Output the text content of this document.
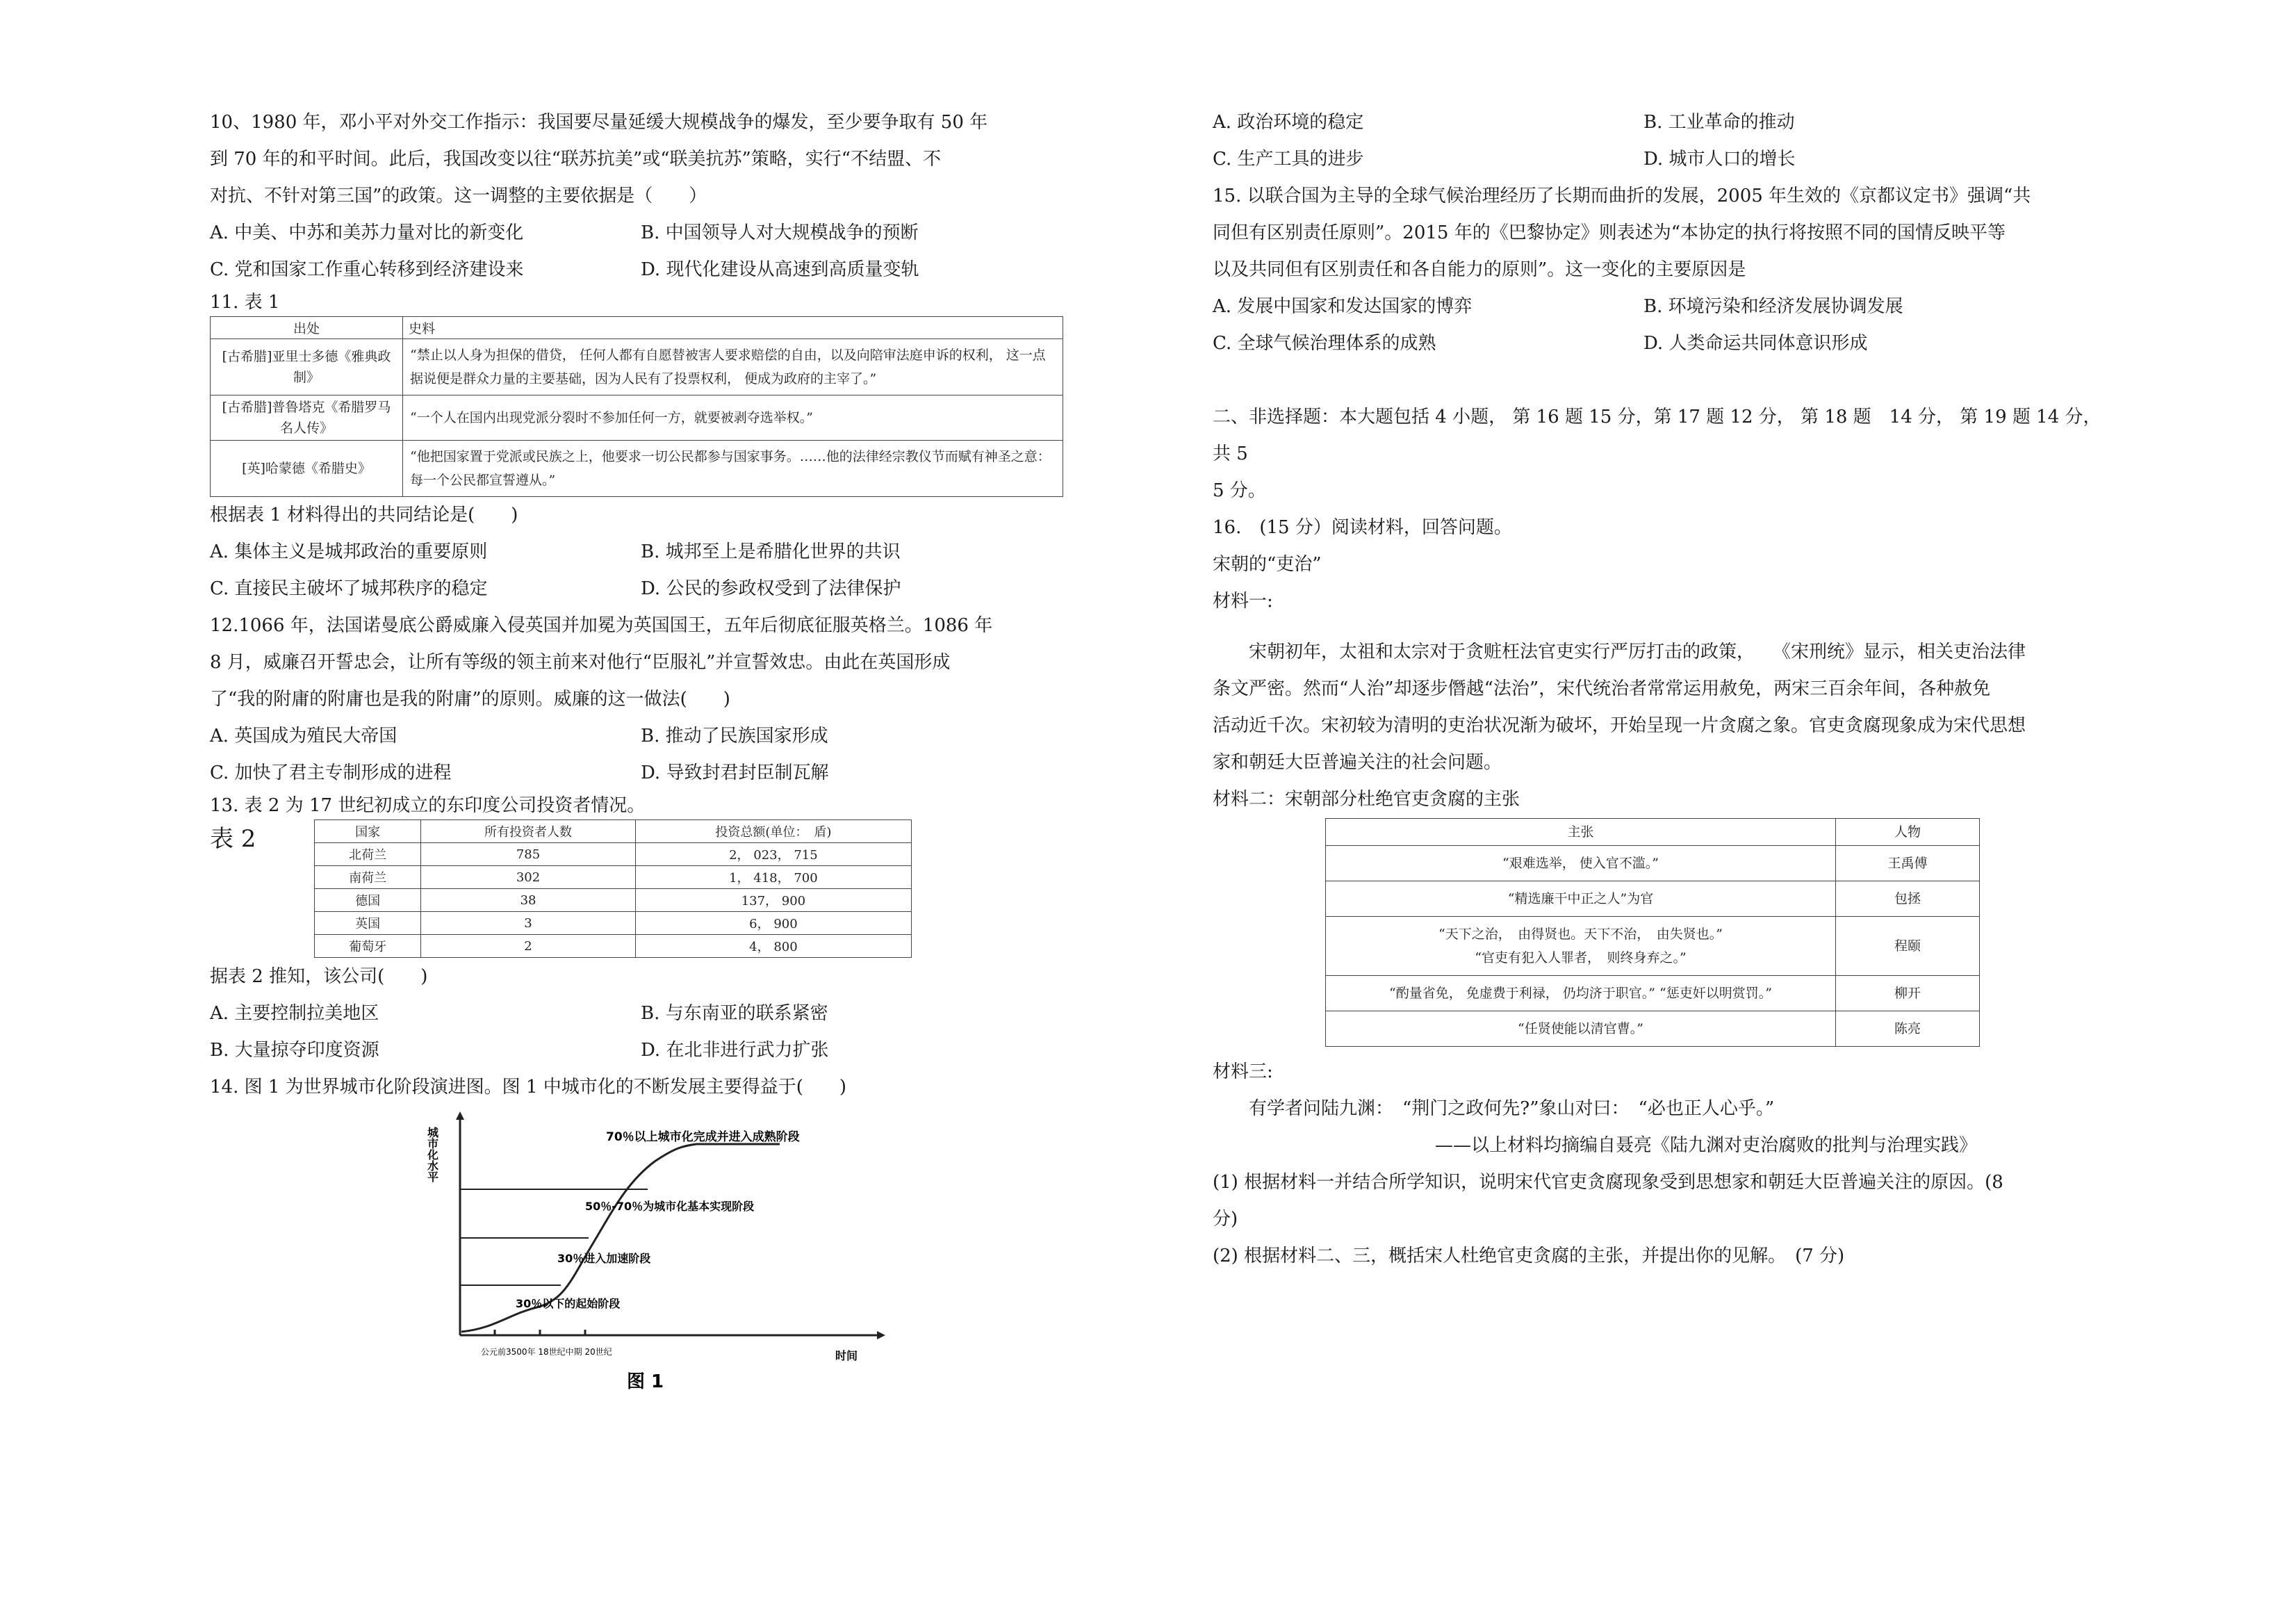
10、1980 年，邓小平对外交工作指示：我国要尽量延缓大规模战争的爆发，至少要争取有 50 年

到 70 年的和平时间。此后，我国改变以往“联苏抗美”或“联美抗苏”策略，实行“不结盟、不

对抗、不针对第三国”的政策。这一调整的主要依据是（　　）

A. 中美、中苏和美苏力量对比的新变化	B. 中国领导人对大规模战争的预断
C. 党和国家工作重心转移到经济建设来	D. 现代化建设从高速到高质量变轨

11. 表 1

出处	史料
[古希腊]亚里士多德《雅典政制》	“禁止以人身为担保的借贷， 任何人都有自愿替被害人要求赔偿的自由，以及向陪审法庭申诉的权利， 这一点据说便是群众力量的主要基础，因为人民有了投票权利， 便成为政府的主宰了。”
[古希腊]普鲁塔克《希腊罗马名人传》	“一个人在国内出现党派分裂时不参加任何一方，就要被剥夺选举权。”
[英]哈蒙德《希腊史》	“他把国家置于党派或民族之上，他要求一切公民都参与国家事务。……他的法律经宗教仪节而赋有神圣之意： 每一个公民都宣誓遵从。”

根据表 1 材料得出的共同结论是(　　)

A. 集体主义是城邦政治的重要原则	B. 城邦至上是希腊化世界的共识
C. 直接民主破坏了城邦秩序的稳定	D. 公民的参政权受到了法律保护

12.1066 年，法国诺曼底公爵威廉入侵英国并加冕为英国国王，五年后彻底征服英格兰。1086 年

8 月，威廉召开誓忠会，让所有等级的领主前来对他行“臣服礼”并宣誓效忠。由此在英国形成

了“我的附庸的附庸也是我的附庸”的原则。威廉的这一做法(　　)

A. 英国成为殖民大帝国	B. 推动了民族国家形成
C. 加快了君主专制形成的进程	D. 导致封君封臣制瓦解

13. 表 2 为 17 世纪初成立的东印度公司投资者情况。

表 2	国家	所有投资者人数	投资总额(单位：　盾)
北荷兰	785	2， 023， 715
南荷兰	302	1， 418， 700
德国	38	137， 900
英国	3	6， 900
葡萄牙	2	4， 800

据表 2 推知，该公司(　　)

A. 主要控制拉美地区	B. 与东南亚的联系紧密
B. 大量掠夺印度资源	D. 在北非进行武力扩张

14. 图 1 为世界城市化阶段演进图。图 1 中城市化的不断发展主要得益于(　　)

70％以上城市化完成并进入成熟阶段
50％-70％为城市化基本实现阶段
30％进入加速阶段
30％以下的起始阶段
城市化水平
公元前3500年 18世纪中期 20世纪	时间
图 1
A. 政治环境的稳定	B. 工业革命的推动
C. 生产工具的进步	D. 城市人口的增长

15. 以联合国为主导的全球气候治理经历了长期而曲折的发展，2005 年生效的《京都议定书》强调“共

同但有区别责任原则”。2015 年的《巴黎协定》则表述为“本协定的执行将按照不同的国情反映平等

以及共同但有区别责任和各自能力的原则”。这一变化的主要原因是

A. 发展中国家和发达国家的博弈	B. 环境污染和经济发展协调发展
C. 全球气候治理体系的成熟	D. 人类命运共同体意识形成

二、非选择题：本大题包括 4 小题， 第 16 题 15 分，第 17 题 12 分， 第 18 题　14 分， 第 19 题 14 分，共 5

5 分。

16.　(15 分）阅读材料，回答问题。

宋朝的“吏治”

材料一:

宋朝初年，太祖和太宗对于贪赃枉法官吏实行严厉打击的政策，　　《宋刑统》显示，相关吏治法律

条文严密。然而“人治”却逐步僭越“法治”，宋代统治者常常运用赦免，两宋三百余年间，各种赦免

活动近千次。宋初较为清明的吏治状况渐为破坏，开始呈现一片贪腐之象。官吏贪腐现象成为宋代思想

家和朝廷大臣普遍关注的社会问题。

材料二：宋朝部分杜绝官吏贪腐的主张

主张	人物
“艰难选举， 使入官不滥。”	王禹傅
“精选廉干中正之人”为官	包拯
“天下之治，　由得贤也。天下不治，　由失贤也。”
“官吏有犯入人罪者，　则终身弃之。”	程颐
“酌量省免， 免虚费于利禄， 仍均济于职官。” “惩吏奸以明赏罚。”	柳开
“任贤使能以清官曹。”	陈亮

材料三:

有学者问陆九渊：　“荆门之政何先?”象山对曰：　“必也正人心乎。”

——以上材料均摘编自聂亮《陆九渊对吏治腐败的批判与治理实践》

(1) 根据材料一并结合所学知识，说明宋代官吏贪腐现象受到思想家和朝廷大臣普遍关注的原因。(8

分)

(2) 根据材料二、三，概括宋人杜绝官吏贪腐的主张，并提出你的见解。　(7 分)
